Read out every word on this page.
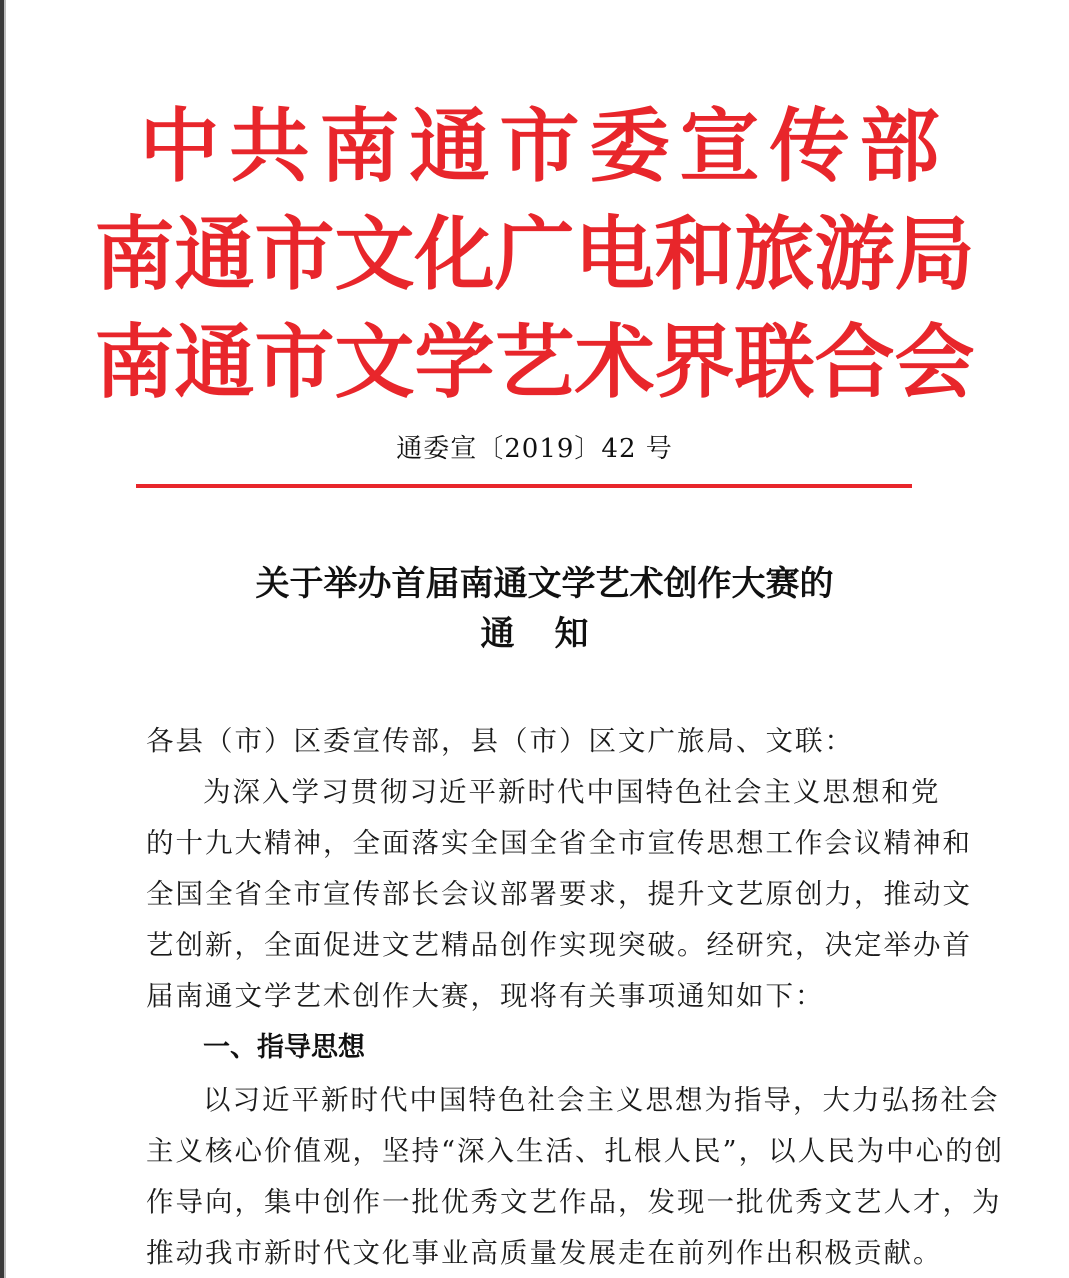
中共南通市委宣传部
南通市文化广电和旅游局
南通市文学艺术界联合会
通委宣〔2019〕42 号
关于举办首届南通文学艺术创作大赛的
通知
各县（市）区委宣传部，县（市）区文广旅局、文联：
为深入学习贯彻习近平新时代中国特色社会主义思想和党
的十九大精神，全面落实全国全省全市宣传思想工作会议精神和
全国全省全市宣传部长会议部署要求，提升文艺原创力，推动文
艺创新，全面促进文艺精品创作实现突破。经研究，决定举办首
届南通文学艺术创作大赛，现将有关事项通知如下：
一、指导思想
以习近平新时代中国特色社会主义思想为指导，大力弘扬社会
主义核心价值观，坚持“深入生活、扎根人民”，以人民为中心的创
作导向，集中创作一批优秀文艺作品，发现一批优秀文艺人才，为
推动我市新时代文化事业高质量发展走在前列作出积极贡献。
